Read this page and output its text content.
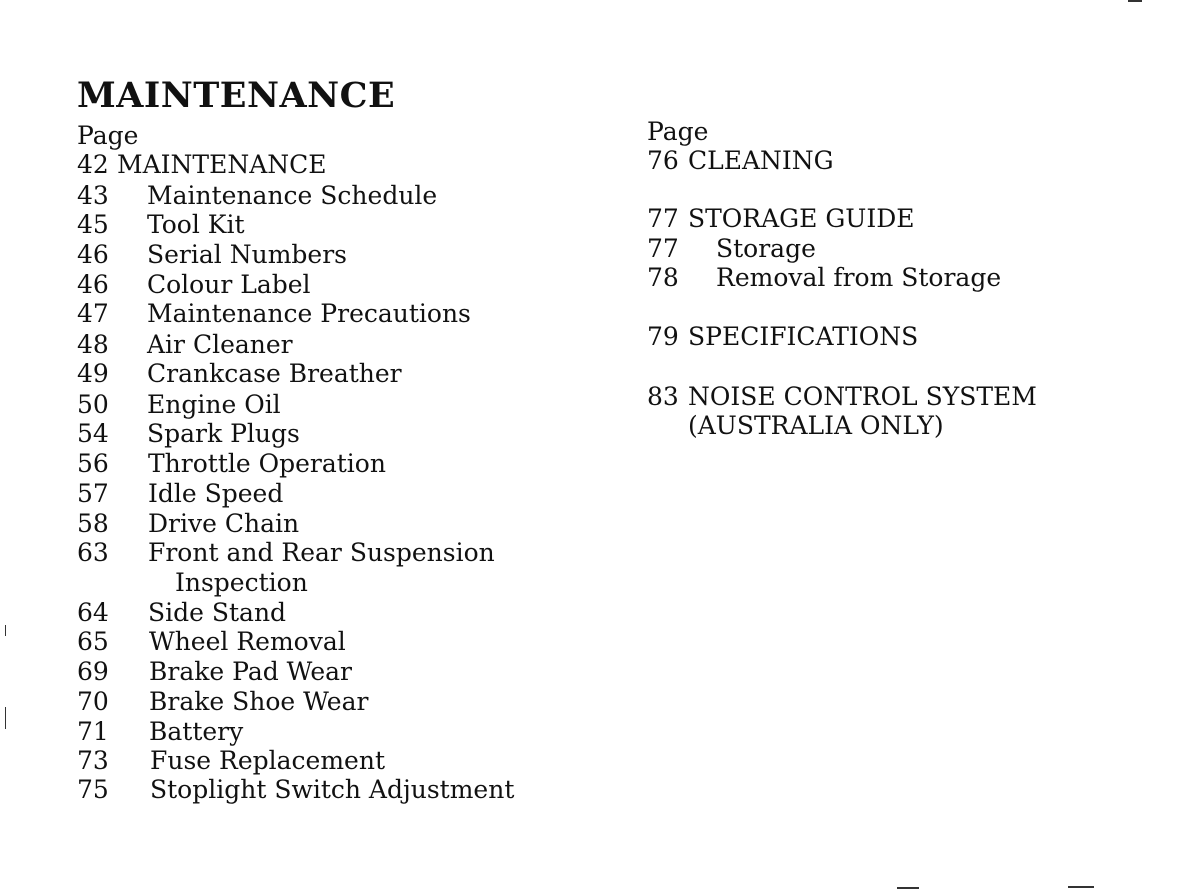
MAINTENANCE
Page
42 MAINTENANCE
43 Maintenance Schedule
45 Tool Kit
46 Serial Numbers
46 Colour Label
47 Maintenance Precautions
48 Air Cleaner
49 Crankcase Breather
50 Engine Oil
54 Spark Plugs
56 Throttle Operation
57 Idle Speed
58 Drive Chain
63 Front and Rear Suspension
Inspection
64 Side Stand
65 Wheel Removal
69 Brake Pad Wear
70 Brake Shoe Wear
71 Battery
73 Fuse Replacement
75 Stoplight Switch Adjustment
Page
76 CLEANING
77 STORAGE GUIDE
77 Storage
78 Removal from Storage
79 SPECIFICATIONS
83 NOISE CONTROL SYSTEM
(AUSTRALIA ONLY)
